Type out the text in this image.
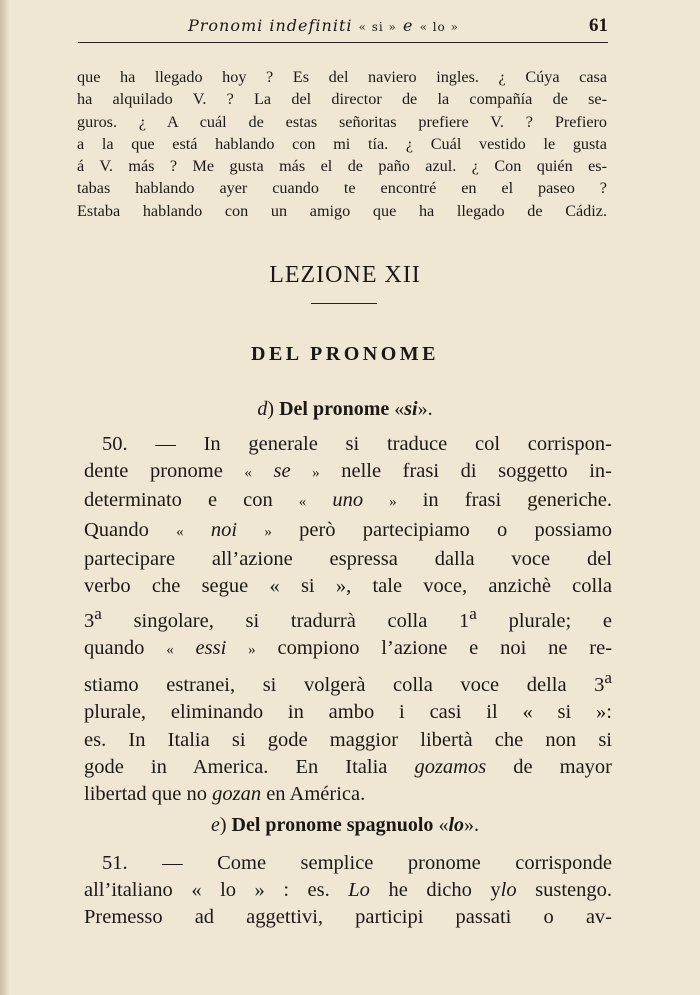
Pronomi indefiniti « si » e « lo »	61
que ha llegado hoy ? Es del naviero ingles. ¿ Cúya casa
ha alquilado V. ? La del director de la compañía de se-
guros. ¿ A cuál de estas señoritas prefiere V. ? Prefiero
a la que está hablando con mi tía. ¿ Cuál vestido le gusta
á V. más ? Me gusta más el de paño azul. ¿ Con quién es-
tabas hablando ayer cuando te encontré en el paseo ?
Estaba hablando con un amigo que ha llegado de Cádiz.
LEZIONE XII
DEL PRONOME
d) Del pronome «si».
50. — In generale si traduce col corrispon-
dente pronome « se » nelle frasi di soggetto in-
determinato e con « uno » in frasi generiche.
Quando « noi » però partecipiamo o possiamo
partecipare all’azione espressa dalla voce del
verbo che segue « si », tale voce, anzichè colla
3$^a$ singolare, si tradurrà colla 1$^a$ plurale; e
quando « essi » compiono l’azione e noi ne re-
stiamo estranei, si volgerà colla voce della 3$^a$
plurale, eliminando in ambo i casi il « si »:
es. In Italia si gode maggior libertà che non si
gode in America. En Italia gozamos de mayor
libertad que no gozan en América.
e) Del pronome spagnuolo «lo».
51. — Come semplice pronome corrisponde
all’italiano « lo » : es. Lo he dicho ylo sustengo.
Premesso ad aggettivi, participi passati o av-
